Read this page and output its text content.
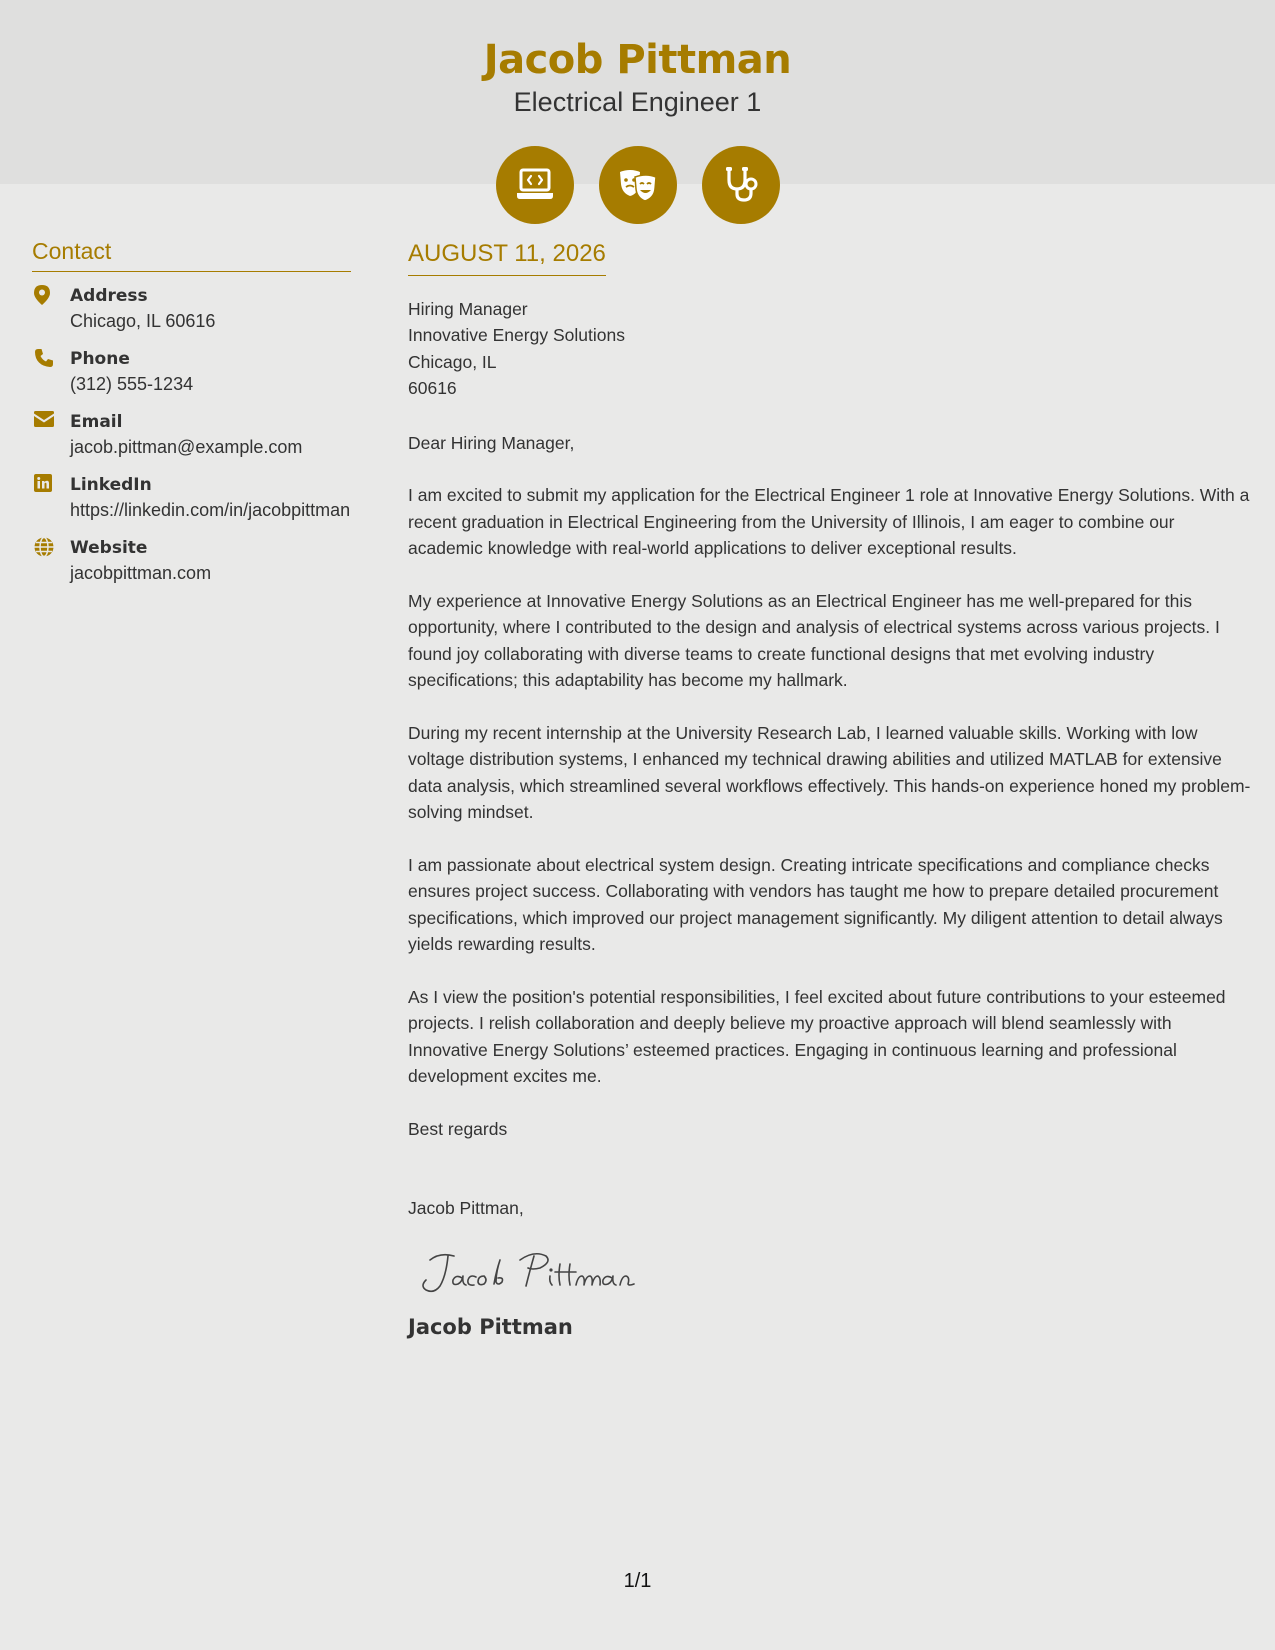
Jacob Pittman
Electrical Engineer 1
Contact
Address
Chicago, IL 60616
Phone
(312) 555-1234
Email
jacob.pittman@example.com
LinkedIn
https://linkedin.com/in/jacobpittman
Website
jacobpittman.com
AUGUST 11, 2026
Hiring Manager
Innovative Energy Solutions
Chicago, IL
60616
Dear Hiring Manager,
I am excited to submit my application for the Electrical Engineer 1 role at Innovative Energy Solutions. With a recent graduation in Electrical Engineering from the University of Illinois, I am eager to combine our academic knowledge with real-world applications to deliver exceptional results.
My experience at Innovative Energy Solutions as an Electrical Engineer has me well-prepared for this opportunity, where I contributed to the design and analysis of electrical systems across various projects. I found joy collaborating with diverse teams to create functional designs that met evolving industry specifications; this adaptability has become my hallmark.
During my recent internship at the University Research Lab, I learned valuable skills. Working with low voltage distribution systems, I enhanced my technical drawing abilities and utilized MATLAB for extensive data analysis, which streamlined several workflows effectively. This hands-on experience honed my problem-solving mindset.
I am passionate about electrical system design. Creating intricate specifications and compliance checks ensures project success. Collaborating with vendors has taught me how to prepare detailed procurement specifications, which improved our project management significantly. My diligent attention to detail always yields rewarding results.
As I view the position's potential responsibilities, I feel excited about future contributions to your esteemed projects. I relish collaboration and deeply believe my proactive approach will blend seamlessly with Innovative Energy Solutions’ esteemed practices. Engaging in continuous learning and professional development excites me.
Best regards
Jacob Pittman,
Jacob Pittman
1/1
